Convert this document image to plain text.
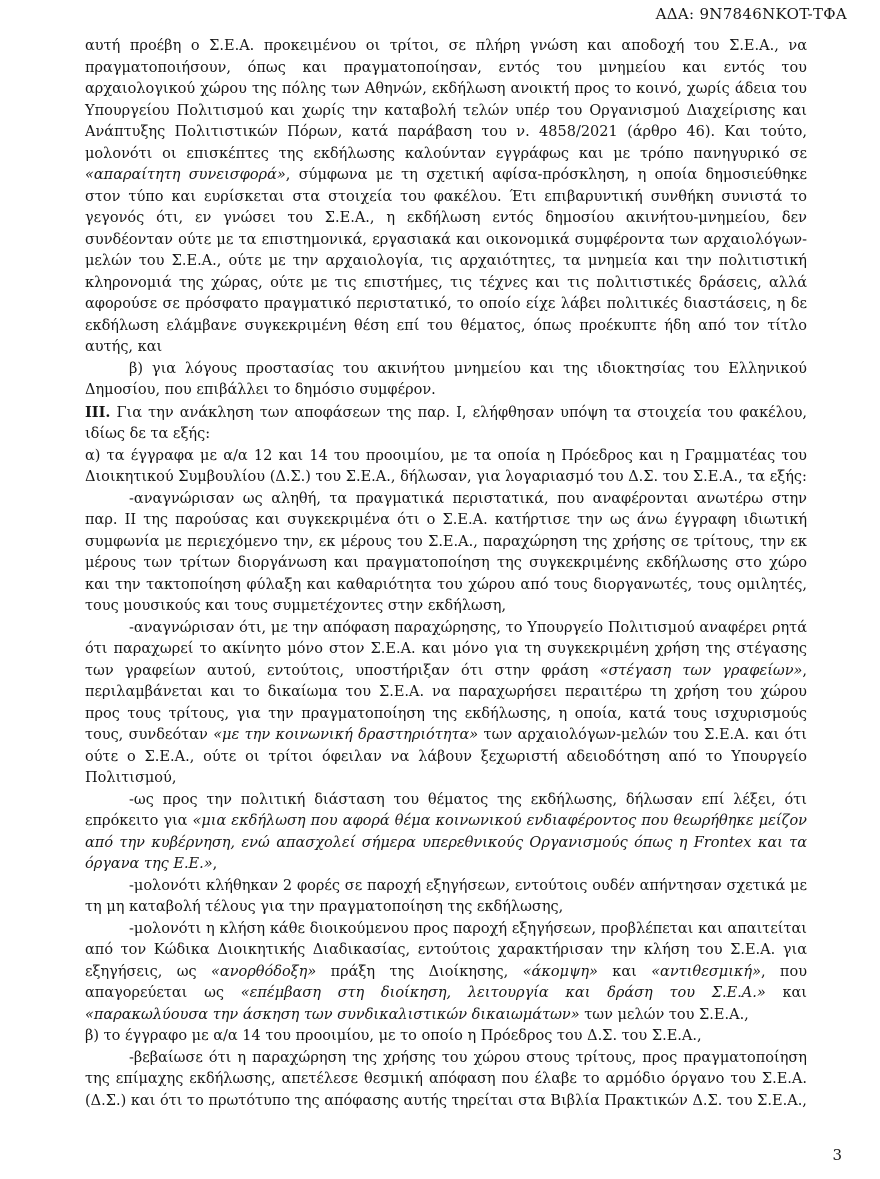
ΑΔΑ: 9N7846NKOT-ΤΦΑ

αυτή προέβη ο Σ.Ε.Α. προκειμένου οι τρίτοι, σε πλήρη γνώση και αποδοχή του Σ.Ε.Α., να πραγματοποιήσουν, όπως και πραγματοποίησαν, εντός του μνημείου και εντός του αρχαιολογικού χώρου της πόλης των Αθηνών, εκδήλωση ανοικτή προς το κοινό, χωρίς άδεια του Υπουργείου Πολιτισμού και χωρίς την καταβολή τελών υπέρ του Οργανισμού Διαχείρισης και Ανάπτυξης Πολιτιστικών Πόρων, κατά παράβαση του ν. 4858/2021 (άρθρο 46). Και τούτο, μολονότι οι επισκέπτες της εκδήλωσης καλούνταν εγγράφως και με τρόπο πανηγυρικό σε «απαραίτητη συνεισφορά», σύμφωνα με τη σχετική αφίσα-πρόσκληση, η οποία δημοσιεύθηκε στον τύπο και ευρίσκεται στα στοιχεία του φακέλου. Έτι επιβαρυντική συνθήκη συνιστά το γεγονός ότι, εν γνώσει του Σ.Ε.Α., η εκδήλωση εντός δημοσίου ακινήτου-μνημείου, δεν συνδέονταν ούτε με τα επιστημονικά, εργασιακά και οικονομικά συμφέροντα των αρχαιολόγων-μελών του Σ.Ε.Α., ούτε με την αρχαιολογία, τις αρχαιότητες, τα μνημεία και την πολιτιστική κληρονομιά της χώρας, ούτε με τις επιστήμες, τις τέχνες και τις πολιτιστικές δράσεις, αλλά αφορούσε σε πρόσφατο πραγματικό περιστατικό, το οποίο είχε λάβει πολιτικές διαστάσεις, η δε εκδήλωση ελάμβανε συγκεκριμένη θέση επί του θέματος, όπως προέκυπτε ήδη από τον τίτλο αυτής, και

β) για λόγους προστασίας του ακινήτου μνημείου και της ιδιοκτησίας του Ελληνικού Δημοσίου, που επιβάλλει το δημόσιο συμφέρον.

III. Για την ανάκληση των αποφάσεων της παρ. I, ελήφθησαν υπόψη τα στοιχεία του φακέλου, ιδίως δε τα εξής:

α) τα έγγραφα με α/α 12 και 14 του προοιμίου, με τα οποία η Πρόεδρος και η Γραμματέας του Διοικητικού Συμβουλίου (Δ.Σ.) του Σ.Ε.Α., δήλωσαν, για λογαριασμό του Δ.Σ. του Σ.Ε.Α., τα εξής:

-αναγνώρισαν ως αληθή, τα πραγματικά περιστατικά, που αναφέρονται ανωτέρω στην παρ. II της παρούσας και συγκεκριμένα ότι ο Σ.Ε.Α. κατήρτισε την ως άνω έγγραφη ιδιωτική συμφωνία με περιεχόμενο την, εκ μέρους του Σ.Ε.Α., παραχώρηση της χρήσης σε τρίτους, την εκ μέρους των τρίτων διοργάνωση και πραγματοποίηση της συγκεκριμένης εκδήλωσης στο χώρο και την τακτοποίηση φύλαξη και καθαριότητα του χώρου από τους διοργανωτές, τους ομιλητές, τους μουσικούς και τους συμμετέχοντες στην εκδήλωση,

-αναγνώρισαν ότι, με την απόφαση παραχώρησης, το Υπουργείο Πολιτισμού αναφέρει ρητά ότι παραχωρεί το ακίνητο μόνο στον Σ.Ε.Α. και μόνο για τη συγκεκριμένη χρήση της στέγασης των γραφείων αυτού, εντούτοις, υποστήριξαν ότι στην φράση «στέγαση των γραφείων», περιλαμβάνεται και το δικαίωμα του Σ.Ε.Α. να παραχωρήσει περαιτέρω τη χρήση του χώρου προς τους τρίτους, για την πραγματοποίηση της εκδήλωσης, η οποία, κατά τους ισχυρισμούς τους, συνδεόταν «με την κοινωνική δραστηριότητα» των αρχαιολόγων-μελών του Σ.Ε.Α. και ότι ούτε ο Σ.Ε.Α., ούτε οι τρίτοι όφειλαν να λάβουν ξεχωριστή αδειοδότηση από το Υπουργείο Πολιτισμού,

-ως προς την πολιτική διάσταση του θέματος της εκδήλωσης, δήλωσαν επί λέξει, ότι επρόκειτο για «μια εκδήλωση που αφορά θέμα κοινωνικού ενδιαφέροντος που θεωρήθηκε μείζον από την κυβέρνηση, ενώ απασχολεί σήμερα υπερεθνικούς Οργανισμούς όπως η Frontex και τα όργανα της Ε.Ε.»,

-μολονότι κλήθηκαν 2 φορές σε παροχή εξηγήσεων, εντούτοις ουδέν απήντησαν σχετικά με τη μη καταβολή τέλους για την πραγματοποίηση της εκδήλωσης,

-μολονότι η κλήση κάθε διοικούμενου προς παροχή εξηγήσεων, προβλέπεται και απαιτείται από τον Κώδικα Διοικητικής Διαδικασίας, εντούτοις χαρακτήρισαν την κλήση του Σ.Ε.Α. για εξηγήσεις, ως «ανορθόδοξη» πράξη της Διοίκησης, «άκομψη» και «αντιθεσμική», που απαγορεύεται ως «επέμβαση στη διοίκηση, λειτουργία και δράση του Σ.Ε.Α.» και «παρακωλύουσα την άσκηση των συνδικαλιστικών δικαιωμάτων» των μελών του Σ.Ε.Α.,

β) το έγγραφο με α/α 14 του προοιμίου, με το οποίο η Πρόεδρος του Δ.Σ. του Σ.Ε.Α.,

-βεβαίωσε ότι η παραχώρηση της χρήσης του χώρου στους τρίτους, προς πραγματοποίηση της επίμαχης εκδήλωσης, απετέλεσε θεσμική απόφαση που έλαβε το αρμόδιο όργανο του Σ.Ε.Α. (Δ.Σ.) και ότι το πρωτότυπο της απόφασης αυτής τηρείται στα Βιβλία Πρακτικών Δ.Σ. του Σ.Ε.Α.,

3
